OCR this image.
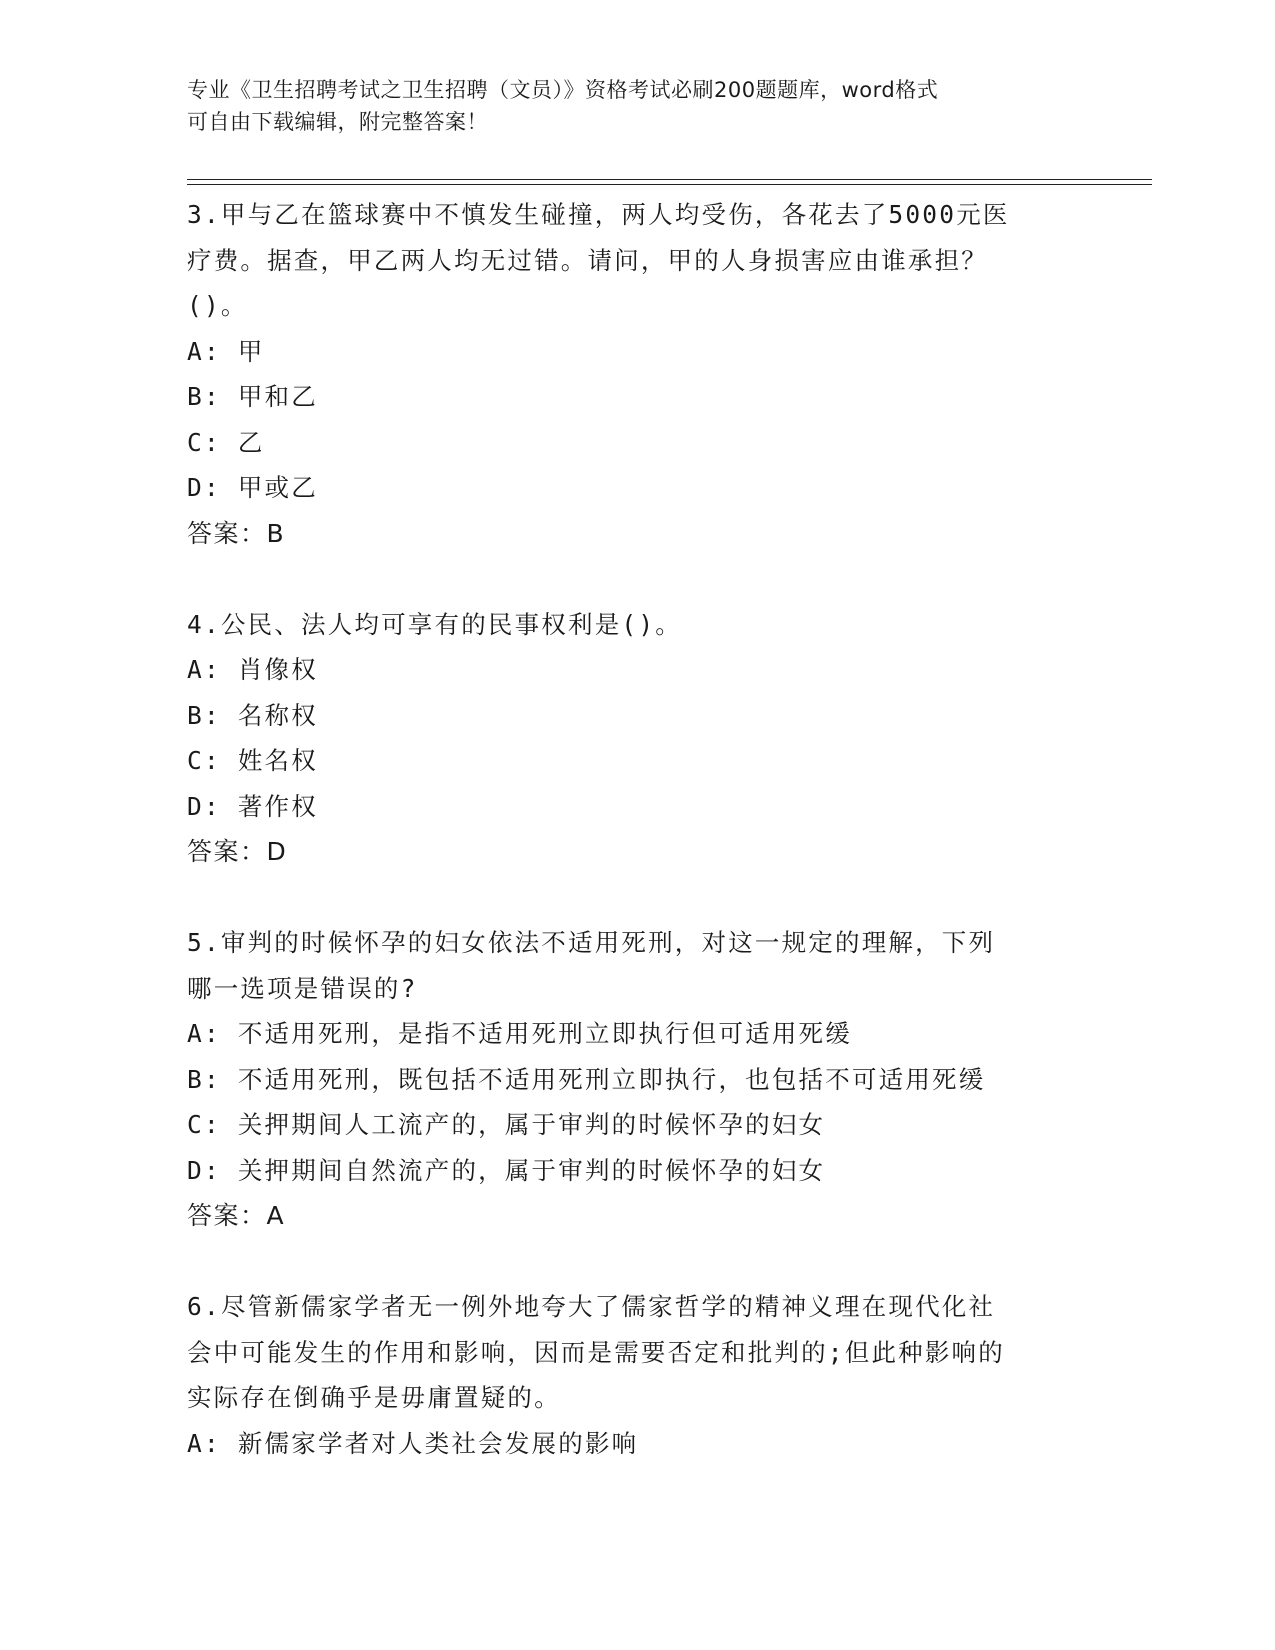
专业《卫生招聘考试之卫生招聘（文员）》资格考试必刷200题题库，word格式

可自由下载编辑，附完整答案！

3.甲与乙在篮球赛中不慎发生碰撞，两人均受伤，各花去了5000元医
疗费。据查，甲乙两人均无过错。请问，甲的人身损害应由谁承担？
()。
A: 甲
B: 甲和乙
C: 乙
D: 甲或乙
答案：B
4.公民、法人均可享有的民事权利是()。
A: 肖像权
B: 名称权
C: 姓名权
D: 著作权
答案：D
5.审判的时候怀孕的妇女依法不适用死刑，对这一规定的理解，下列
哪一选项是错误的?
A: 不适用死刑，是指不适用死刑立即执行但可适用死缓
B: 不适用死刑，既包括不适用死刑立即执行，也包括不可适用死缓
C: 关押期间人工流产的，属于审判的时候怀孕的妇女
D: 关押期间自然流产的，属于审判的时候怀孕的妇女
答案：A
6.尽管新儒家学者无一例外地夸大了儒家哲学的精神义理在现代化社
会中可能发生的作用和影响，因而是需要否定和批判的;但此种影响的
实际存在倒确乎是毋庸置疑的。
A: 新儒家学者对人类社会发展的影响
